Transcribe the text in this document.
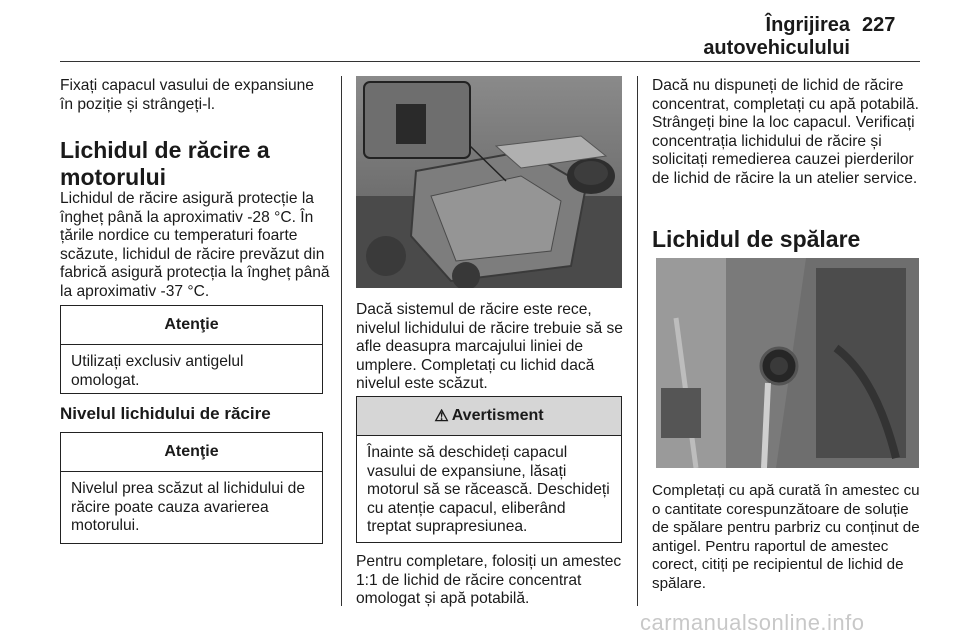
Îngrijirea autovehiculului
227
Fixați capacul vasului de expansiune în poziție și strângeți-l.
Lichidul de răcire a motorului
Lichidul de răcire asigură protecție la îngheț până la aproximativ -28 °C. În țările nordice cu temperaturi foarte scăzute, lichidul de răcire prevăzut din fabrică asigură protecția la îngheț până la aproximativ -37 °C.
Atenţie
Utilizați exclusiv antigelul omologat.
Nivelul lichidului de răcire
Atenţie
Nivelul prea scăzut al lichidului de răcire poate cauza avarierea motorului.
Dacă sistemul de răcire este rece, nivelul lichidului de răcire trebuie să se afle deasupra marcajului liniei de umplere. Completați cu lichid dacă nivelul este scăzut.
⚠ Avertisment
Înainte să deschideți capacul vasului de expansiune, lăsați motorul să se răcească. Deschideți cu atenție capacul, eliberând treptat suprapresiunea.
Pentru completare, folosiți un amestec 1:1 de lichid de răcire concentrat omologat și apă potabilă.
Dacă nu dispuneți de lichid de răcire concentrat, completați cu apă potabilă. Strângeți bine la loc capacul. Verificați concentrația lichidului de răcire și solicitați remedierea cauzei pierderilor de lichid de răcire la un atelier service.
Lichidul de spălare
Completați cu apă curată în amestec cu o cantitate corespunzătoare de soluție de spălare pentru parbriz cu conținut de antigel. Pentru raportul de amestec corect, citiți pe recipientul de lichid de spălare.
carmanualsonline.info
